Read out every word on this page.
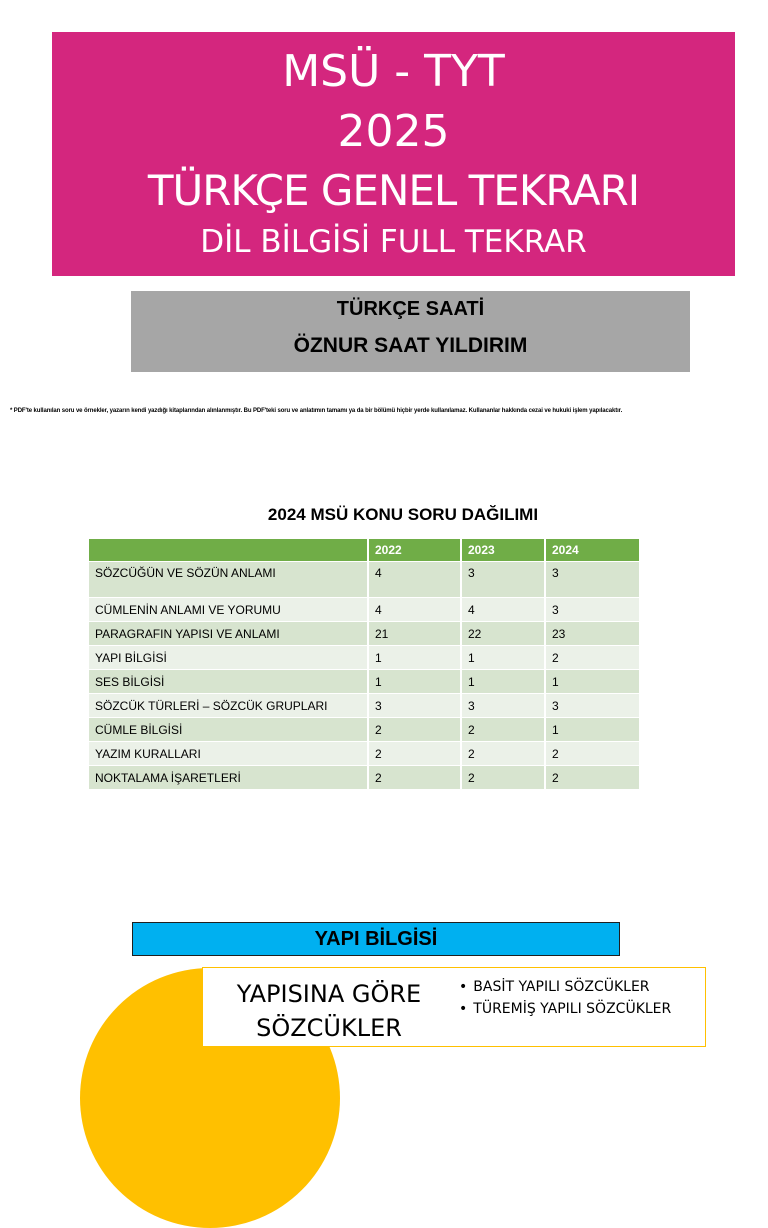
MSÜ - TYT
2025
TÜRKÇE GENEL TEKRARI
DİL BİLGİSİ FULL TEKRAR
TÜRKÇE SAATİ
ÖZNUR SAAT YILDIRIM
* PDF'te kullanılan soru ve örnekler, yazarın kendi yazdığı kitaplarından alınlanmıştır. Bu PDF'teki soru ve anlatımın tamamı ya da bir bölümü hiçbir yerde kullanılamaz. Kullananlar hakkında cezai ve hukuki işlem yapılacaktır.
2024 MSÜ KONU SORU DAĞILIMI
	2022	2023	2024
SÖZCÜĞÜN VE SÖZÜN ANLAMI	4	3	3
CÜMLENİN ANLAMI VE YORUMU	4	4	3
PARAGRAFIN YAPISI VE ANLAMI	21	22	23
YAPI BİLGİSİ	1	1	2
SES BİLGİSİ	1	1	1
SÖZCÜK TÜRLERİ – SÖZCÜK GRUPLARI	3	3	3
CÜMLE BİLGİSİ	2	2	1
YAZIM KURALLARI	2	2	2
NOKTALAMA İŞARETLERİ	2	2	2
YAPI BİLGİSİ
YAPISINA GÖRE
SÖZCÜKLER
• BASİT YAPILI SÖZCÜKLER
• TÜREMİŞ YAPILI SÖZCÜKLER
